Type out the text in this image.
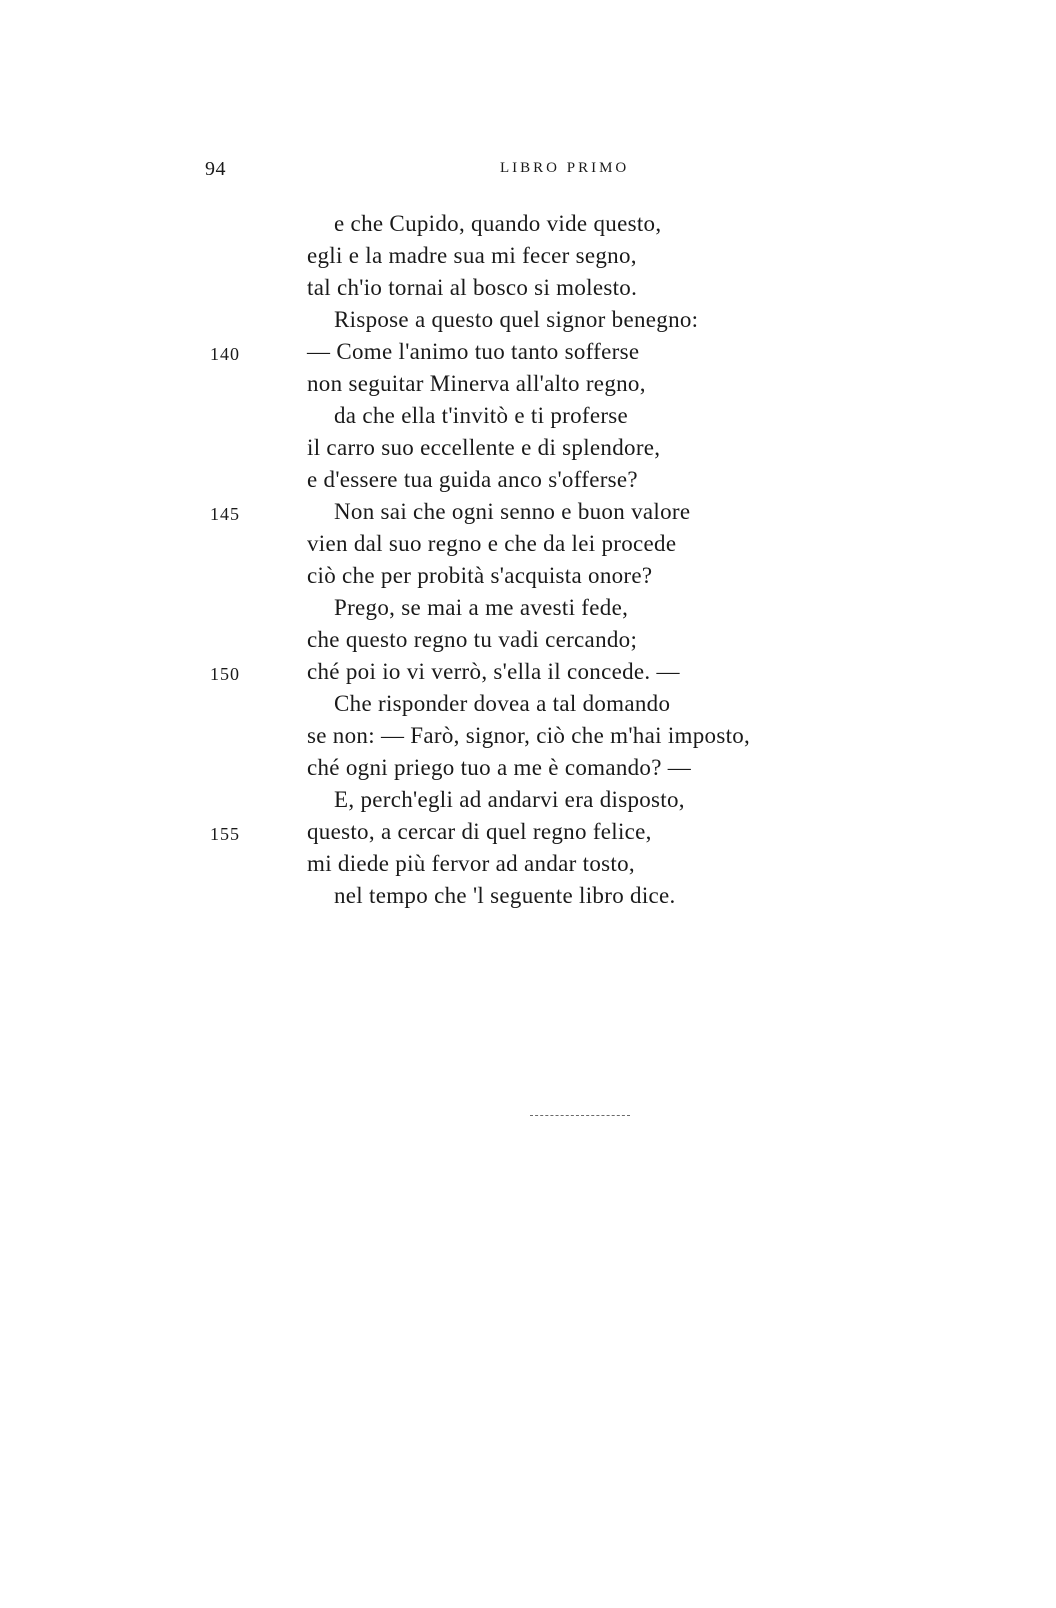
94	LIBRO PRIMO
e che Cupido, quando vide questo,
egli e la madre sua mi fecer segno,
tal ch'io tornai al bosco si molesto.
Rispose a questo quel signor benegno:
140	— Come l'animo tuo tanto sofferse
non seguitar Minerva all'alto regno,
da che ella t'invitò e ti proferse
il carro suo eccellente e di splendore,
e d'essere tua guida anco s'offerse?
145	Non sai che ogni senno e buon valore
vien dal suo regno e che da lei procede
ciò che per probità s'acquista onore?
Prego, se mai a me avesti fede,
che questo regno tu vadi cercando;
150	ché poi io vi verrò, s'ella il concede. —
Che risponder dovea a tal domando
se non: — Farò, signor, ciò che m'hai imposto,
ché ogni priego tuo a me è comando? —
E, perch'egli ad andarvi era disposto,
155	questo, a cercar di quel regno felice,
mi diede più fervor ad andar tosto,
nel tempo che 'l seguente libro dice.
